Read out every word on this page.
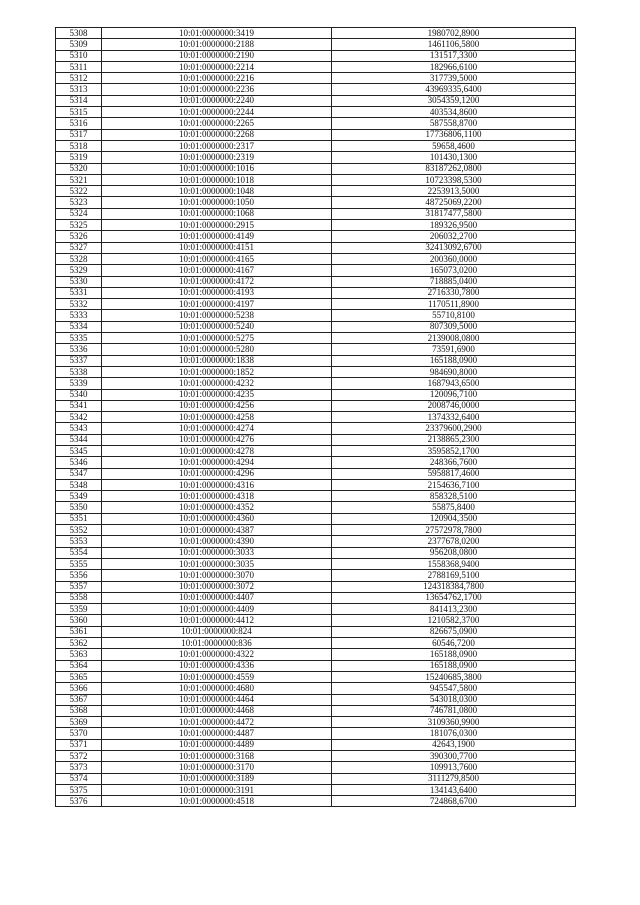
5308	10:01:0000000:3419	1980702,8900
5309	10:01:0000000:2188	1461106,5800
5310	10:01:0000000:2190	131517,3300
5311	10:01:0000000:2214	182966,6100
5312	10:01:0000000:2216	317739,5000
5313	10:01:0000000:2236	43969335,6400
5314	10:01:0000000:2240	3054359,1200
5315	10:01:0000000:2244	403534,8600
5316	10:01:0000000:2265	587558,8700
5317	10:01:0000000:2268	17736806,1100
5318	10:01:0000000:2317	59658,4600
5319	10:01:0000000:2319	101430,1300
5320	10:01:0000000:1016	83187262,0800
5321	10:01:0000000:1018	10723398,5300
5322	10:01:0000000:1048	2253913,5000
5323	10:01:0000000:1050	48725069,2200
5324	10:01:0000000:1068	31817477,5800
5325	10:01:0000000:2915	189326,9500
5326	10:01:0000000:4149	206032,2700
5327	10:01:0000000:4151	32413092,6700
5328	10:01:0000000:4165	200360,0000
5329	10:01:0000000:4167	165073,0200
5330	10:01:0000000:4172	718885,0400
5331	10:01:0000000:4193	2716330,7800
5332	10:01:0000000:4197	1170511,8900
5333	10:01:0000000:5238	55710,8100
5334	10:01:0000000:5240	807309,5000
5335	10:01:0000000:5275	2139008,0800
5336	10:01:0000000:5280	73591,6900
5337	10:01:0000000:1838	165188,0900
5338	10:01:0000000:1852	984690,8000
5339	10:01:0000000:4232	1687943,6500
5340	10:01:0000000:4235	120096,7100
5341	10:01:0000000:4256	2008746,0000
5342	10:01:0000000:4258	1374332,6400
5343	10:01:0000000:4274	23379600,2900
5344	10:01:0000000:4276	2138865,2300
5345	10:01:0000000:4278	3595852,1700
5346	10:01:0000000:4294	248366,7600
5347	10:01:0000000:4296	5958817,4600
5348	10:01:0000000:4316	2154636,7100
5349	10:01:0000000:4318	858328,5100
5350	10:01:0000000:4352	55875,8400
5351	10:01:0000000:4360	120904,3500
5352	10:01:0000000:4387	27572978,7800
5353	10:01:0000000:4390	2377678,0200
5354	10:01:0000000:3033	956208,0800
5355	10:01:0000000:3035	1558368,9400
5356	10:01:0000000:3070	2788169,5100
5357	10:01:0000000:3072	124318384,7800
5358	10:01:0000000:4407	13654762,1700
5359	10:01:0000000:4409	841413,2300
5360	10:01:0000000:4412	1210582,3700
5361	10:01:0000000:824	826675,0900
5362	10:01:0000000:836	60546,7200
5363	10:01:0000000:4322	165188,0900
5364	10:01:0000000:4336	165188,0900
5365	10:01:0000000:4559	15240685,3800
5366	10:01:0000000:4680	945547,5800
5367	10:01:0000000:4464	543018,0300
5368	10:01:0000000:4468	746781,0800
5369	10:01:0000000:4472	3109360,9900
5370	10:01:0000000:4487	181076,0300
5371	10:01:0000000:4489	42643,1900
5372	10:01:0000000:3168	390300,7700
5373	10:01:0000000:3170	109913,7600
5374	10:01:0000000:3189	3111279,8500
5375	10:01:0000000:3191	134143,6400
5376	10:01:0000000:4518	724868,6700
